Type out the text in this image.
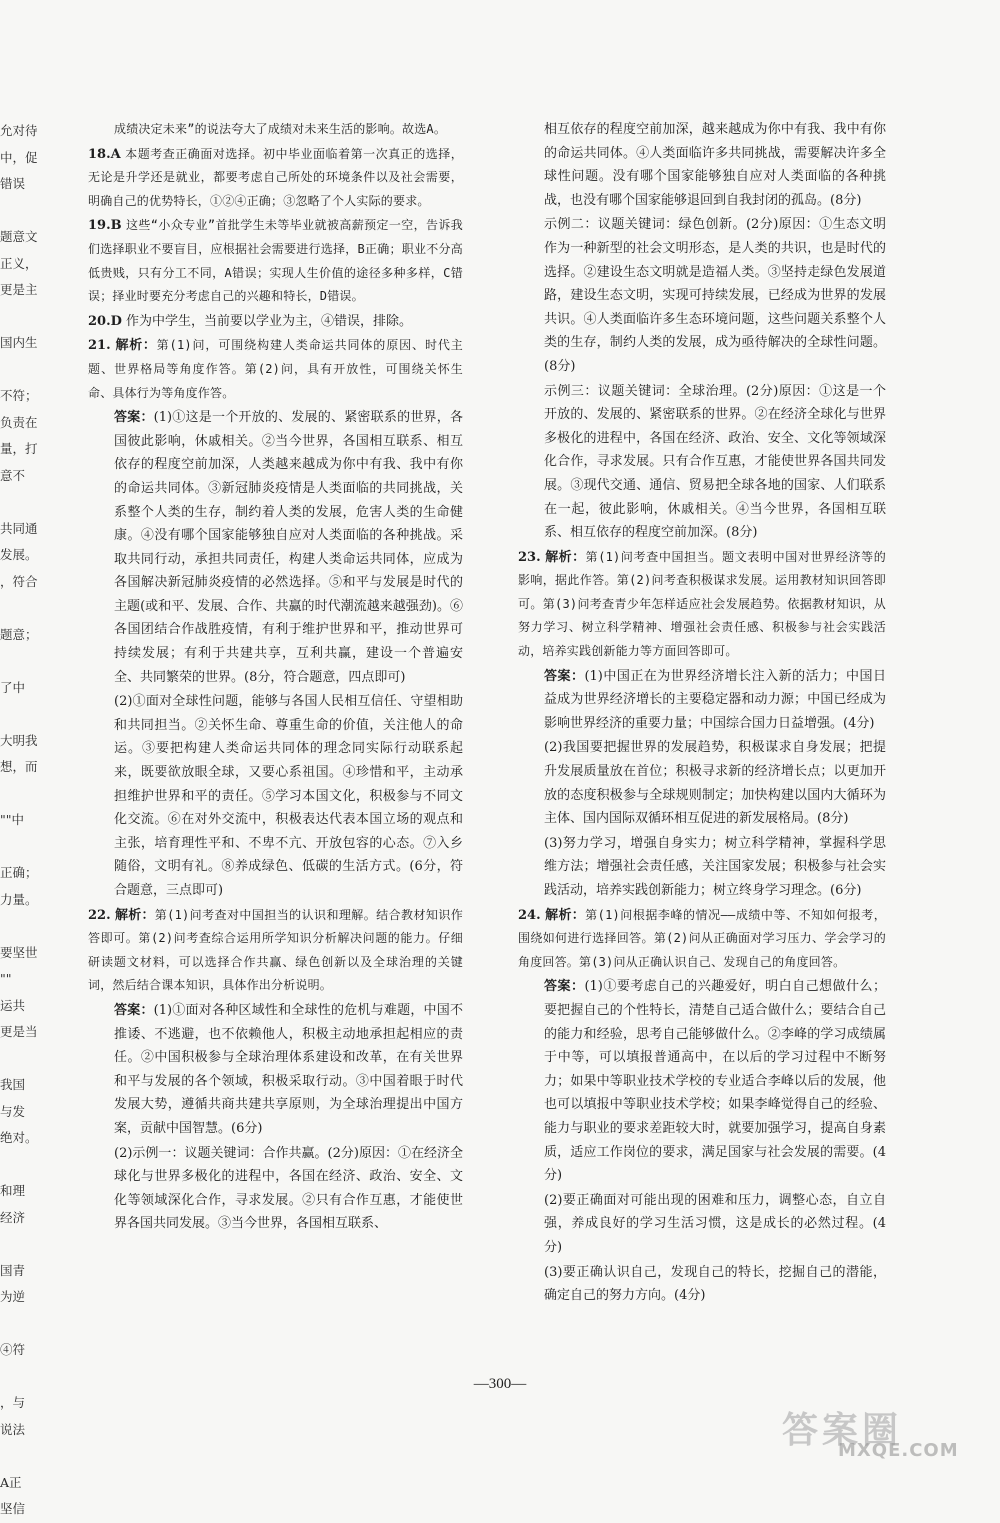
允对待
中，促
错误
题意文
正义，
更是主
国内生
不符；
负责在
量，打
意不
共同通
发展。
，符合
题意；
了中
大明我
想，而
""中
正确；
力量。
要坚世
""
运共
更是当
我国
与发
绝对。
和理
经济
国青
为逆
④符
，与
说法
A正
坚信
成绩决定未来”的说法夸大了成绩对未来生活的影响。故选A。
18.A 本题考查正确面对选择。初中毕业面临着第一次真正的选择，无论是升学还是就业，都要考虑自己所处的环境条件以及社会需要，明确自己的优势特长，①②④正确；③忽略了个人实际的要求。
19.B 这些“小众专业”首批学生未等毕业就被高薪预定一空，告诉我们选择职业不要盲目，应根据社会需要进行选择，B正确；职业不分高低贵贱，只有分工不同，A错误；实现人生价值的途径多种多样，C错误；择业时要充分考虑自己的兴趣和特长，D错误。
20.D 作为中学生，当前要以学业为主，④错误，排除。
21. 解析：第(1)问，可围绕构建人类命运共同体的原因、时代主题、世界格局等角度作答。第(2)问，具有开放性，可围绕关怀生命、具体行为等角度作答。
答案：(1)①这是一个开放的、发展的、紧密联系的世界，各国彼此影响，休戚相关。②当今世界，各国相互联系、相互依存的程度空前加深，人类越来越成为你中有我、我中有你的命运共同体。③新冠肺炎疫情是人类面临的共同挑战，关系整个人类的生存，制约着人类的发展，危害人类的生命健康。④没有哪个国家能够独自应对人类面临的各种挑战。采取共同行动，承担共同责任，构建人类命运共同体，应成为各国解决新冠肺炎疫情的必然选择。⑤和平与发展是时代的主题(或和平、发展、合作、共赢的时代潮流越来越强劲)。⑥各国团结合作战胜疫情，有利于维护世界和平，推动世界可持续发展；有利于共建共享，互利共赢，建设一个普遍安全、共同繁荣的世界。(8分，符合题意，四点即可)
(2)①面对全球性问题，能够与各国人民相互信任、守望相助和共同担当。②关怀生命、尊重生命的价值，关注他人的命运。③要把构建人类命运共同体的理念同实际行动联系起来，既要欲放眼全球，又要心系祖国。④珍惜和平，主动承担维护世界和平的责任。⑤学习本国文化，积极参与不同文化交流。⑥在对外交流中，积极表达代表本国立场的观点和主张，培育理性平和、不卑不亢、开放包容的心态。⑦入乡随俗，文明有礼。⑧养成绿色、低碳的生活方式。(6分，符合题意，三点即可)
22. 解析：第(1)问考查对中国担当的认识和理解。结合教材知识作答即可。第(2)问考查综合运用所学知识分析解决问题的能力。仔细研读题文材料，可以选择合作共赢、绿色创新以及全球治理的关键词，然后结合课本知识，具体作出分析说明。
答案：(1)①面对各种区域性和全球性的危机与难题，中国不推诿、不逃避，也不依赖他人，积极主动地承担起相应的责任。②中国积极参与全球治理体系建设和改革，在有关世界和平与发展的各个领域，积极采取行动。③中国着眼于时代发展大势，遵循共商共建共享原则，为全球治理提出中国方案，贡献中国智慧。(6分)
(2)示例一：议题关键词：合作共赢。(2分)原因：①在经济全球化与世界多极化的进程中，各国在经济、政治、安全、文化等领域深化合作，寻求发展。②只有合作互惠，才能使世界各国共同发展。③当今世界，各国相互联系、
相互依存的程度空前加深，越来越成为你中有我、我中有你的命运共同体。④人类面临许多共同挑战，需要解决许多全球性问题。没有哪个国家能够独自应对人类面临的各种挑战，也没有哪个国家能够退回到自我封闭的孤岛。(8分)
示例二：议题关键词：绿色创新。(2分)原因：①生态文明作为一种新型的社会文明形态，是人类的共识，也是时代的选择。②建设生态文明就是造福人类。③坚持走绿色发展道路，建设生态文明，实现可持续发展，已经成为世界的发展共识。④人类面临许多生态环境问题，这些问题关系整个人类的生存，制约人类的发展，成为亟待解决的全球性问题。(8分)
示例三：议题关键词：全球治理。(2分)原因：①这是一个开放的、发展的、紧密联系的世界。②在经济全球化与世界多极化的进程中，各国在经济、政治、安全、文化等领域深化合作，寻求发展。只有合作互惠，才能使世界各国共同发展。③现代交通、通信、贸易把全球各地的国家、人们联系在一起，彼此影响，休戚相关。④当今世界，各国相互联系、相互依存的程度空前加深。(8分)
23. 解析：第(1)问考查中国担当。题文表明中国对世界经济等的影响，据此作答。第(2)问考查积极谋求发展。运用教材知识回答即可。第(3)问考查青少年怎样适应社会发展趋势。依据教材知识，从努力学习、树立科学精神、增强社会责任感、积极参与社会实践活动，培养实践创新能力等方面回答即可。
答案：(1)中国正在为世界经济增长注入新的活力；中国日益成为世界经济增长的主要稳定器和动力源；中国已经成为影响世界经济的重要力量；中国综合国力日益增强。(4分)
(2)我国要把握世界的发展趋势，积极谋求自身发展；把提升发展质量放在首位；积极寻求新的经济增长点；以更加开放的态度积极参与全球规则制定；加快构建以国内大循环为主体、国内国际双循环相互促进的新发展格局。(8分)
(3)努力学习，增强自身实力；树立科学精神，掌握科学思维方法；增强社会责任感，关注国家发展；积极参与社会实践活动，培养实践创新能力；树立终身学习理念。(6分)
24. 解析：第(1)问根据李峰的情况——成绩中等、不知如何报考，围绕如何进行选择回答。第(2)问从正确面对学习压力、学会学习的角度回答。第(3)问从正确认识自己、发现自己的角度回答。
答案：(1)①要考虑自己的兴趣爱好，明白自己想做什么；要把握自己的个性特长，清楚自己适合做什么；要结合自己的能力和经验，思考自己能够做什么。②李峰的学习成绩属于中等，可以填报普通高中，在以后的学习过程中不断努力；如果中等职业技术学校的专业适合李峰以后的发展，他也可以填报中等职业技术学校；如果李峰觉得自己的经验、能力与职业的要求差距较大时，就要加强学习，提高自身素质，适应工作岗位的要求，满足国家与社会发展的需要。(4分)
(2)要正确面对可能出现的困难和压力，调整心态，自立自强，养成良好的学习生活习惯，这是成长的必然过程。(4分)
(3)要正确认识自己，发现自己的特长，挖掘自己的潜能，确定自己的努力方向。(4分)
—300—
答案圈
MXQE.COM
